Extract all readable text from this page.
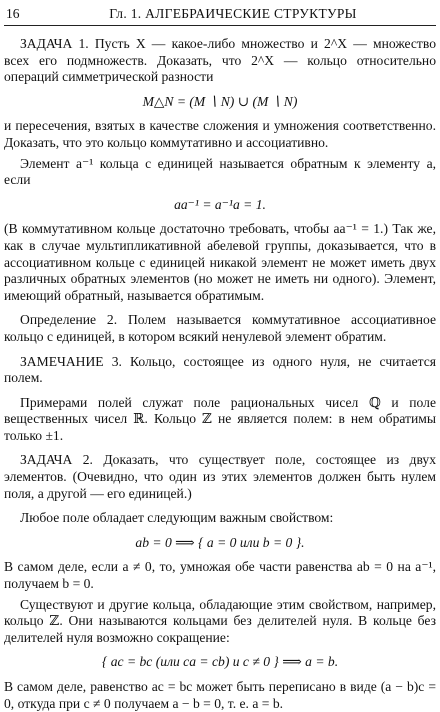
16	Гл. 1. АЛГЕБРАИЧЕСКИЕ СТРУКТУРЫ

ЗАДАЧА 1. Пусть X — какое-либо множество и 2^X — множество всех его подмножеств. Доказать, что 2^X — кольцо относительно операций симметрической разности

M△N = (M ∖ N) ∪ (M ∖ N)

и пересечения, взятых в качестве сложения и умножения соответственно. Доказать, что это кольцо коммутативно и ассоциативно.

Элемент a⁻¹ кольца с единицей называется обратным к элементу a, если

aa⁻¹ = a⁻¹a = 1.

(В коммутативном кольце достаточно требовать, чтобы aa⁻¹ = 1.) Так же, как в случае мультипликативной абелевой группы, доказывается, что в ассоциативном кольце с единицей никакой элемент не может иметь двух различных обратных элементов (но может не иметь ни одного). Элемент, имеющий обратный, называется обратимым.

Определение 2. Полем называется коммутативное ассоциативное кольцо с единицей, в котором всякий ненулевой элемент обратим.

ЗАМЕЧАНИЕ 3. Кольцо, состоящее из одного нуля, не считается полем.

Примерами полей служат поле рациональных чисел ℚ и поле вещественных чисел ℝ. Кольцо ℤ не является полем: в нем обратимы только ±1.

ЗАДАЧА 2. Доказать, что существует поле, состоящее из двух элементов. (Очевидно, что один из этих элементов должен быть нулем поля, а другой — его единицей.)

Любое поле обладает следующим важным свойством:

ab = 0 ⟹ { a = 0 или b = 0 }.

В самом деле, если a ≠ 0, то, умножая обе части равенства ab = 0 на a⁻¹, получаем b = 0.

Существуют и другие кольца, обладающие этим свойством, например, кольцо ℤ. Они называются кольцами без делителей нуля. В кольце без делителей нуля возможно сокращение:

{ ac = bc (или ca = cb) и c ≠ 0 } ⟹ a = b.

В самом деле, равенство ac = bc может быть переписано в виде (a − b)c = 0, откуда при c ≠ 0 получаем a − b = 0, т. е. a = b.
